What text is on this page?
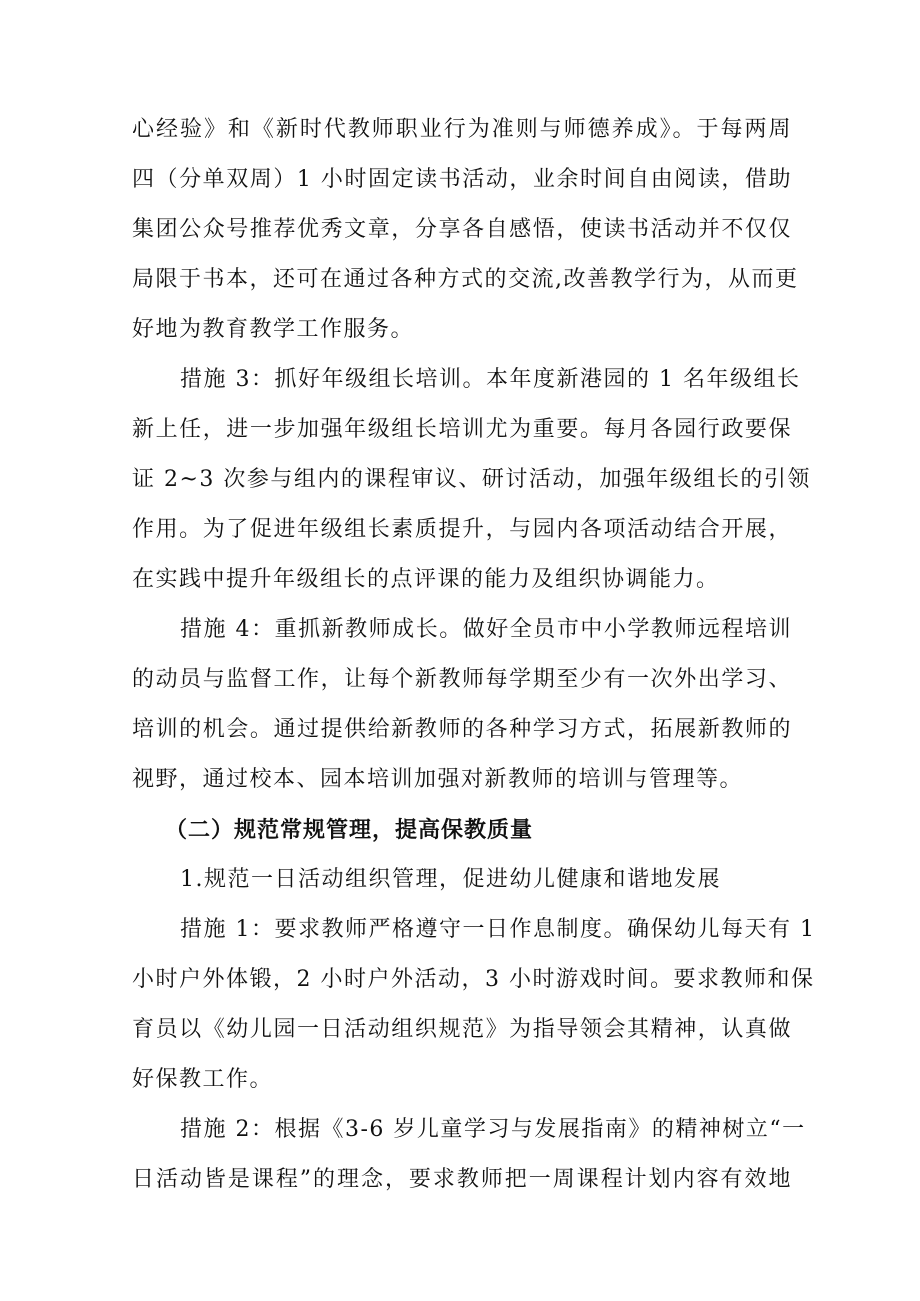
心经验》和《新时代教师职业行为准则与师德养成》。于每两周
四（分单双周）1 小时固定读书活动，业余时间自由阅读，借助
集团公众号推荐优秀文章，分享各自感悟，使读书活动并不仅仅
局限于书本，还可在通过各种方式的交流,改善教学行为，从而更
好地为教育教学工作服务。
措施 3：抓好年级组长培训。本年度新港园的 1 名年级组长
新上任，进一步加强年级组长培训尤为重要。每月各园行政要保
证 2~3 次参与组内的课程审议、研讨活动，加强年级组长的引领
作用。为了促进年级组长素质提升，与园内各项活动结合开展，
在实践中提升年级组长的点评课的能力及组织协调能力。
措施 4：重抓新教师成长。做好全员市中小学教师远程培训
的动员与监督工作，让每个新教师每学期至少有一次外出学习、
培训的机会。通过提供给新教师的各种学习方式，拓展新教师的
视野，通过校本、园本培训加强对新教师的培训与管理等。
（二）规范常规管理，提高保教质量
1.规范一日活动组织管理，促进幼儿健康和谐地发展
措施 1：要求教师严格遵守一日作息制度。确保幼儿每天有 1
小时户外体锻，2 小时户外活动，3 小时游戏时间。要求教师和保
育员以《幼儿园一日活动组织规范》为指导领会其精神，认真做
好保教工作。
措施 2：根据《3-6 岁儿童学习与发展指南》的精神树立“一
日活动皆是课程”的理念，要求教师把一周课程计划内容有效地
